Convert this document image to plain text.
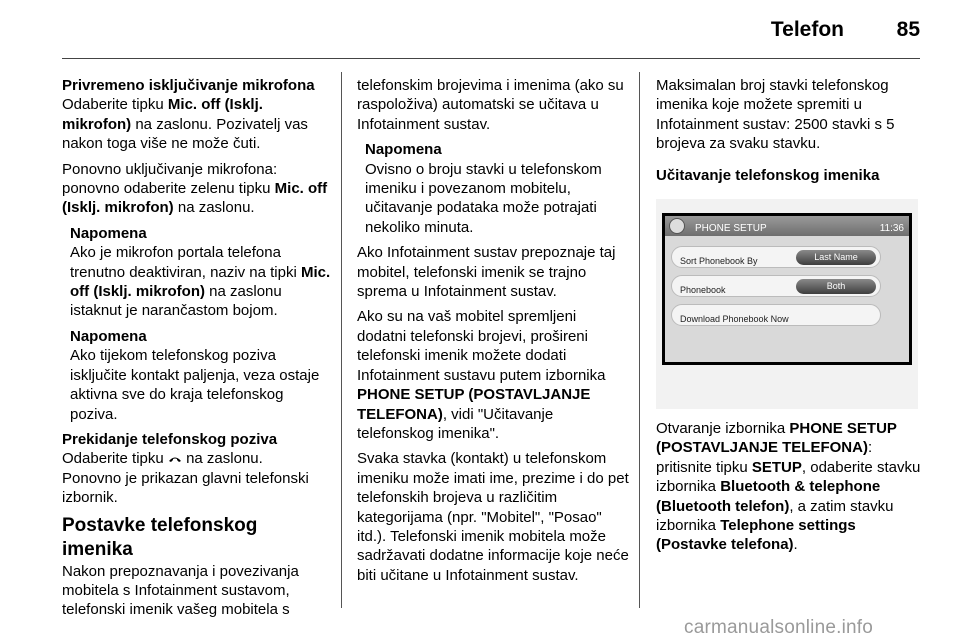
Telefon	85

Privremeno isključivanje mikrofona

Odaberite tipku Mic. off (Isklj. mikrofon) na zaslonu. Pozivatelj vas nakon toga više ne može čuti.

Ponovno uključivanje mikrofona: ponovno odaberite zelenu tipku Mic. off (Isklj. mikrofon) na zaslonu.

Napomena

Ako je mikrofon portala telefona trenutno deaktiviran, naziv na tipki Mic. off (Isklj. mikrofon) na zaslonu istaknut je narančastom bojom.

Napomena

Ako tijekom telefonskog poziva isključite kontakt paljenja, veza ostaje aktivna sve do kraja telefonskog poziva.

Prekidanje telefonskog poziva

Odaberite tipku  na zaslonu.

Ponovno je prikazan glavni telefonski izbornik.

Postavke telefonskog imenika

Nakon prepoznavanja i povezivanja mobitela s Infotainment sustavom, telefonski imenik vašeg mobitela s

telefonskim brojevima i imenima (ako su raspoloživa) automatski se učitava u Infotainment sustav.

Napomena

Ovisno o broju stavki u telefonskom imeniku i povezanom mobitelu, učitavanje podataka može potrajati nekoliko minuta.

Ako Infotainment sustav prepoznaje taj mobitel, telefonski imenik se trajno sprema u Infotainment sustav.

Ako su na vaš mobitel spremljeni dodatni telefonski brojevi, prošireni telefonski imenik možete dodati Infotainment sustavu putem izbornika PHONE SETUP (POSTAVLJANJE TELEFONA), vidi "Učitavanje telefonskog imenika".

Svaka stavka (kontakt) u telefonskom imeniku može imati ime, prezime i do pet telefonskih brojeva u različitim kategorijama (npr. "Mobitel", "Posao" itd.). Telefonski imenik mobitela može sadržavati dodatne informacije koje neće biti učitane u Infotainment sustav.

Maksimalan broj stavki telefonskog imenika koje možete spremiti u Infotainment sustav: 2500 stavki s 5 brojeva za svaku stavku.

Učitavanje telefonskog imenika

PHONE SETUP	11:36
Sort Phonebook By	Last Name
Phonebook	Both
Download Phonebook Now

Otvaranje izbornika PHONE SETUP (POSTAVLJANJE TELEFONA): pritisnite tipku SETUP, odaberite stavku izbornika Bluetooth & telephone (Bluetooth telefon), a zatim stavku izbornika Telephone settings (Postavke telefona).

carmanualsonline.info
